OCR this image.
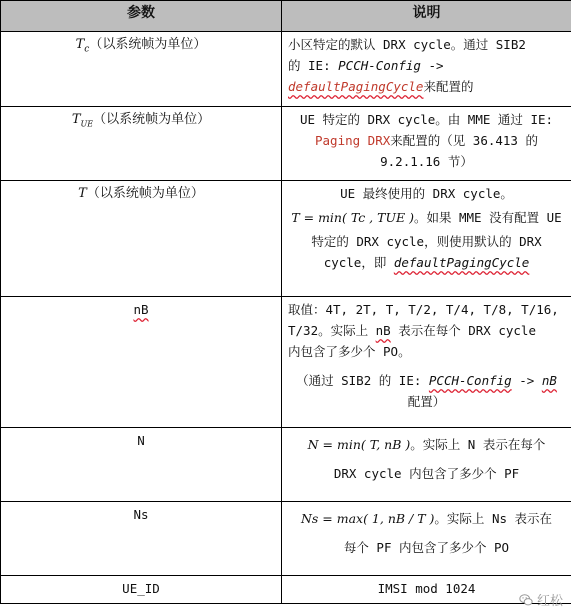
参数	说明
$T_c$（以系统帧为单位）	小区特定的默认 DRX cycle。通过 SIB2
的 IE: PCCH-Config ->
defaultPagingCycle来配置的

$T_{UE}$（以系统帧为单位）	UE 特定的 DRX cycle。由 MME 通过 IE:
Paging DRX来配置的（见 36.413 的
9.2.1.16 节）

T（以系统帧为单位）	UE 最终使用的 DRX cycle。
T = min( Tc , TUE )。如果 MME 没有配置 UE
特定的 DRX cycle，则使用默认的 DRX
cycle，即 defaultPagingCycle

nB	取值：4T, 2T, T, T/2, T/4, T/8, T/16,
T/32。实际上 nB 表示在每个 DRX cycle
内包含了多少个 PO。
（通过 SIB2 的 IE: PCCH-Config -> nB
配置）

N	N = min( T, nB )。实际上 N 表示在每个
DRX cycle 内包含了多少个 PF

Ns	Ns = max( 1, nB / T )。实际上 Ns 表示在
每个 PF 内包含了多少个 PO

UE_ID	IMSI mod 1024
红松
